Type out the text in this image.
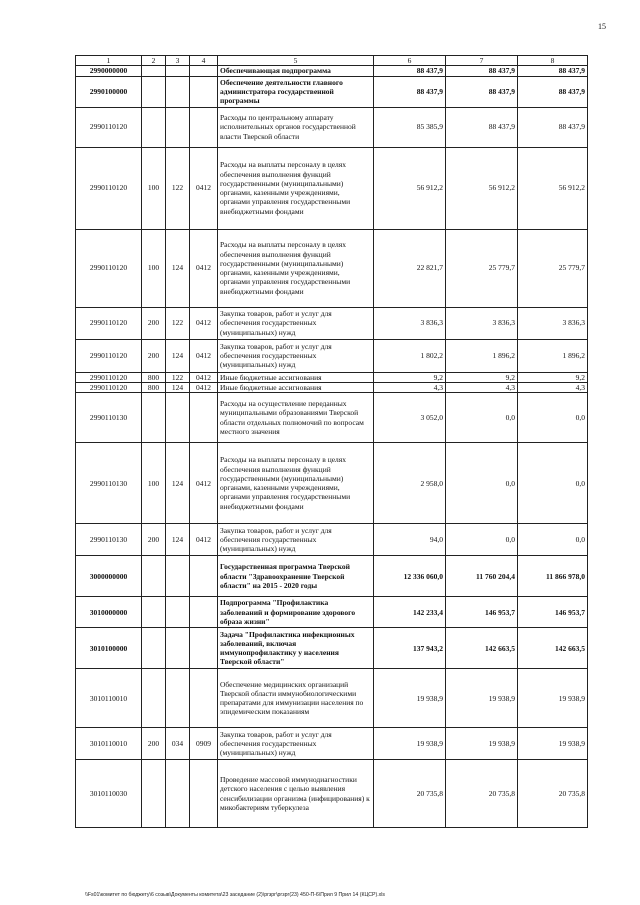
15
1	2	3	4	5	6	7	8
2990000000				Обеспечивающая подпрограмма	88 437,9	88 437,9	88 437,9
2990100000				Обеспечение деятельности главного администратора государственной программы	88 437,9	88 437,9	88 437,9
2990110120				Расходы по центральному аппарату исполнительных органов государственной власти Тверской области	85 385,9	88 437,9	88 437,9
2990110120	100	122	0412	Расходы на выплаты персоналу в целях обеспечения выполнения функций государственными (муниципальными) органами, казенными учреждениями, органами управления государственными внебюджетными фондами	56 912,2	56 912,2	56 912,2
2990110120	100	124	0412	Расходы на выплаты персоналу в целях обеспечения выполнения функций государственными (муниципальными) органами, казенными учреждениями, органами управления государственными внебюджетными фондами	22 821,7	25 779,7	25 779,7
2990110120	200	122	0412	Закупка товаров, работ и услуг для обеспечения государственных (муниципальных) нужд	3 836,3	3 836,3	3 836,3
2990110120	200	124	0412	Закупка товаров, работ и услуг для обеспечения государственных (муниципальных) нужд	1 802,2	1 896,2	1 896,2
2990110120	800	122	0412	Иные бюджетные ассигнования	9,2	9,2	9,2
2990110120	800	124	0412	Иные бюджетные ассигнования	4,3	4,3	4,3
2990110130				Расходы на осуществление переданных муниципальными образованиями Тверской области отдельных полномочий по вопросам местного значения	3 052,0	0,0	0,0
2990110130	100	124	0412	Расходы на выплаты персоналу в целях обеспечения выполнения функций государственными (муниципальными) органами, казенными учреждениями, органами управления государственными внебюджетными фондами	2 958,0	0,0	0,0
2990110130	200	124	0412	Закупка товаров, работ и услуг для обеспечения государственных (муниципальных) нужд	94,0	0,0	0,0
3000000000				Государственная программа Тверской области "Здравоохранение Тверской области" на 2015 - 2020 годы	12 336 060,0	11 760 204,4	11 866 978,0
3010000000				Подпрограмма "Профилактика заболеваний и формирование здорового образа жизни"	142 233,4	146 953,7	146 953,7
3010100000				Задача "Профилактика инфекционных заболеваний, включая иммунопрофилактику у населения Тверской области"	137 943,2	142 663,5	142 663,5
3010110010				Обеспечение медицинских организаций Тверской области иммунобиологическими препаратами для иммунизации населения по эпидемическим показаниям	19 938,9	19 938,9	19 938,9
3010110010	200	034	0909	Закупка товаров, работ и услуг для обеспечения государственных (муниципальных) нужд	19 938,9	19 938,9	19 938,9
3010110030				Проведение массовой иммунодиагностики детского населения с целью выявления сенсибилизации организма (инфицирования) к микобактериям туберкулеза	20 735,8	20 735,8	20 735,8
\\Fs01\комитет по бюджету\6 созыв\Документы комитета\23 заседание (2)\ргзрг\ргзрг(23) 450-П-6\Прил 9 Прил 14 (КЦСР).xls
